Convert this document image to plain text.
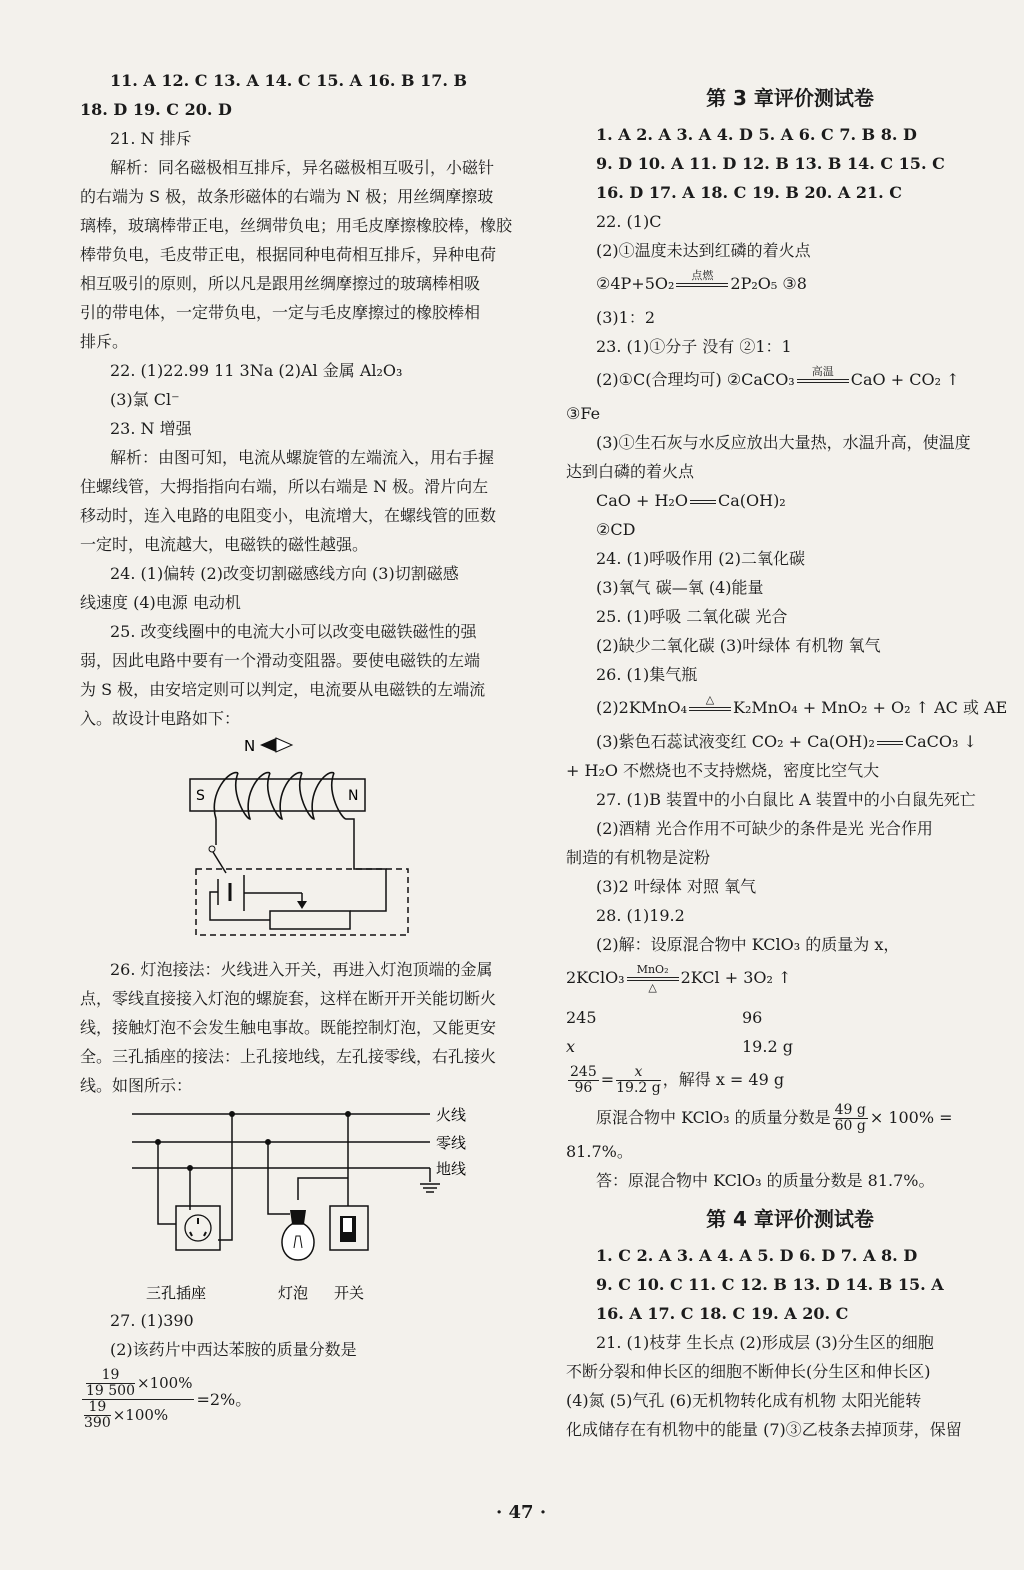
11. A 12. C 13. A 14. C 15. A 16. B 17. B
18. D 19. C 20. D
21. N 排斥
解析：同名磁极相互排斥，异名磁极相互吸引，小磁针
的右端为 S 极，故条形磁体的右端为 N 极；用丝绸摩擦玻
璃棒，玻璃棒带正电，丝绸带负电；用毛皮摩擦橡胶棒，橡胶
棒带负电，毛皮带正电，根据同种电荷相互排斥，异种电荷
相互吸引的原则，所以凡是跟用丝绸摩擦过的玻璃棒相吸
引的带电体，一定带负电，一定与毛皮摩擦过的橡胶棒相
排斥。
22. (1)22.99 11 3Na (2)Al 金属 Al₂O₃
(3)氯 Cl⁻
23. N 增强
解析：由图可知，电流从螺旋管的左端流入，用右手握
住螺线管，大拇指指向右端，所以右端是 N 极。滑片向左
移动时，连入电路的电阻变小，电流增大，在螺线管的匝数
一定时，电流越大，电磁铁的磁性越强。
24. (1)偏转 (2)改变切割磁感线方向 (3)切割磁感
线速度 (4)电源 电动机
25. 改变线圈中的电流大小可以改变电磁铁磁性的强
弱，因此电路中要有一个滑动变阻器。要使电磁铁的左端
为 S 极，由安培定则可以判定，电流要从电磁铁的左端流
入。故设计电路如下：
N
S	N
26. 灯泡接法：火线进入开关，再进入灯泡顶端的金属
点，零线直接接入灯泡的螺旋套，这样在断开开关能切断火
线，接触灯泡不会发生触电事故。既能控制灯泡，又能更安
全。三孔插座的接法：上孔接地线，左孔接零线，右孔接火
线。如图所示：
火线
零线
地线
三孔插座	灯泡 开关
27. (1)390
(2)该药片中西达苯胺的质量分数是
$\frac{\frac{19}{19 500} \times 100\%}{\frac{19}{390} \times 100\%} =2\%$。
第 3 章评价测试卷
1. A 2. A 3. A 4. D 5. A 6. C 7. B 8. D
9. D 10. A 11. D 12. B 13. B 14. C 15. C
16. D 17. A 18. C 19. B 20. A 21. C
22. (1)C
(2)①温度未达到红磷的着火点
②4P+5O₂	点燃
	2P₂O₅ ③8
(3)1：2
23. (1)①分子 没有 ②1：1
(2)①C(合理均可) ②CaCO₃	高温
	CaO + CO₂ ↑
③Fe
(3)①生石灰与水反应放出大量热，水温升高，使温度
达到白磷的着火点
CaO + H₂O Ca(OH)₂
②CD
24. (1)呼吸作用 (2)二氧化碳
(3)氧气 碳—氧 (4)能量
25. (1)呼吸 二氧化碳 光合
(2)缺少二氧化碳 (3)叶绿体 有机物 氧气
26. (1)集气瓶
(2)2KMnO₄	△
	K₂MnO₄ + MnO₂ + O₂ ↑ AC 或 AE
(3)紫色石蕊试液变红 CO₂ + Ca(OH)₂ CaCO₃ ↓
+ H₂O 不燃烧也不支持燃烧，密度比空气大
27. (1)B 装置中的小白鼠比 A 装置中的小白鼠先死亡
(2)酒精 光合作用不可缺少的条件是光 光合作用
制造的有机物是淀粉
(3)2 叶绿体 对照 氧气
28. (1)19.2
(2)解：设原混合物中 KClO₃ 的质量为 x，
2KClO₃	MnO₂
△	2KCl + 3O₂ ↑
245	96
x	19.2 g
$\frac{245}{96} = \frac{x}{19.2 g}$ ，解得 x = 49 g
原混合物中 KClO₃ 的质量分数是 $\frac{49 g}{60 g} \times 100\%$ =
81.7%。
答：原混合物中 KClO₃ 的质量分数是 81.7%。
第 4 章评价测试卷
1. C 2. A 3. A 4. A 5. D 6. D 7. A 8. D
9. C 10. C 11. C 12. B 13. D 14. B 15. A
16. A 17. C 18. C 19. A 20. C
21. (1)枝芽 生长点 (2)形成层 (3)分生区的细胞
不断分裂和伸长区的细胞不断伸长(分生区和伸长区)
(4)氮 (5)气孔 (6)无机物转化成有机物 太阳光能转
化成储存在有机物中的能量 (7)③乙枝条去掉顶芽，保留
· 47 ·
